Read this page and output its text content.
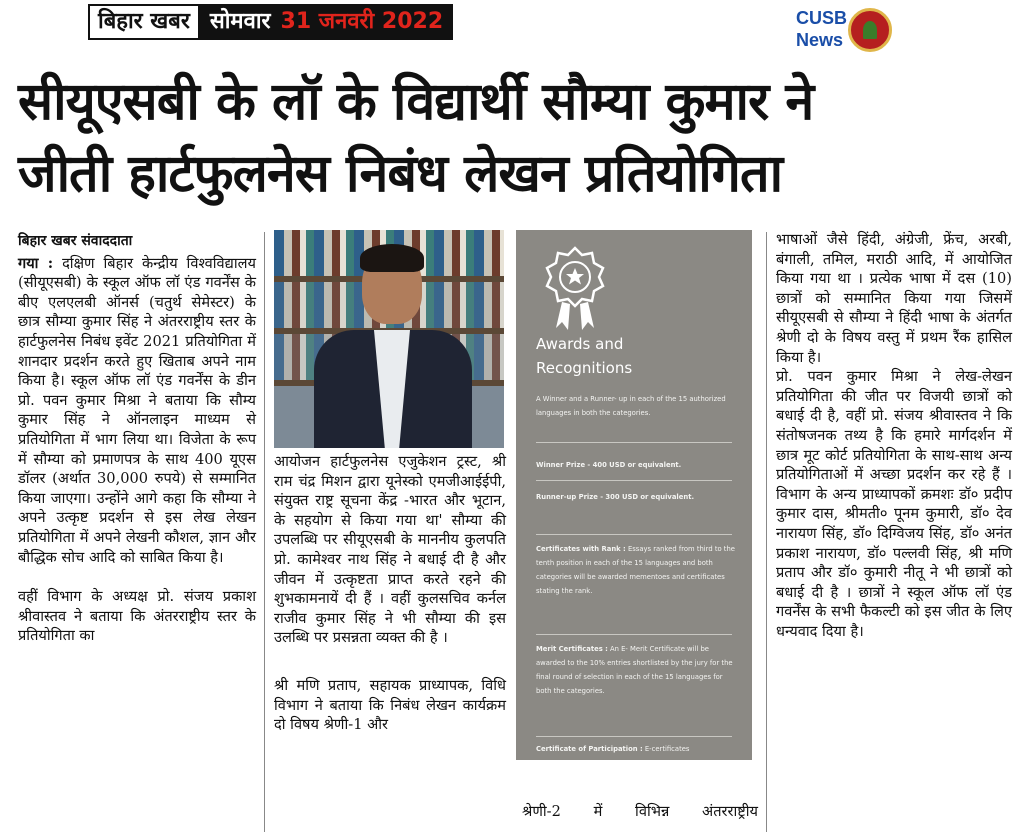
बिहार खबर सोमवार 31 जनवरी 2022	CUSB
News
सीयूएसबी के लॉ के विद्यार्थी सौम्या कुमार ने
जीती हार्टफुलनेस निबंध लेखन प्रतियोगिता
बिहार खबर संवाददाता

गया : दक्षिण बिहार केन्द्रीय विश्वविद्यालय (सीयूएसबी) के स्कूल ऑफ लॉ एंड गवर्नेंस के बीए एलएलबी ऑनर्स (चतुर्थ सेमेस्टर) के छात्र सौम्या कुमार सिंह ने अंतरराष्ट्रीय स्तर के हार्टफुलनेस निबंध इवेंट 2021 प्रतियोगिता में शानदार प्रदर्शन करते हुए खिताब अपने नाम किया है। स्कूल ऑफ लॉ एंड गवर्नेंस के डीन प्रो. पवन कुमार मिश्रा ने बताया कि सौम्य कुमार सिंह ने ऑनलाइन माध्यम से प्रतियोगिता में भाग लिया था। विजेता के रूप में सौम्या को प्रमाणपत्र के साथ 400 यूएस डॉलर (अर्थात 30,000 रुपये) से सम्मानित किया जाएगा। उन्होंने आगे कहा कि सौम्या ने अपने उत्कृष्ट प्रदर्शन से इस लेख लेखन प्रतियोगिता में अपने लेखनी कौशल, ज्ञान और बौद्धिक सोच आदि को साबित किया है।

वहीं विभाग के अध्यक्ष प्रो. संजय प्रकाश श्रीवास्तव ने बताया कि अंतरराष्ट्रीय स्तर के प्रतियोगिता का

आयोजन हार्टफुलनेस एजुकेशन ट्रस्ट, श्री राम चंद्र मिशन द्वारा यूनेस्को एमजीआईईपी, संयुक्त राष्ट्र सूचना केंद्र -भारत और भूटान, के सहयोग से किया गया था' सौम्या की उपलब्धि पर सीयूएसबी के माननीय कुलपति प्रो. कामेश्वर नाथ सिंह ने बधाई दी है और जीवन में उत्कृष्टता प्राप्त करते रहने की शुभकामनायें दी हैं । वहीं कुलसचिव कर्नल राजीव कुमार सिंह ने भी सौम्या की इस उलब्धि पर प्रसन्नता व्यक्त की है ।

श्री मणि प्रताप, सहायक प्राध्यापक, विधि विभाग ने बताया कि निबंध लेखन कार्यक्रम दो विषय श्रेणी-1 और

Awards and
Recognitions
A Winner and a Runner- up in each of the 15 authorized languages in both the categories.
Winner Prize - 400 USD or equivalent.
Runner-up Prize - 300 USD or equivalent.
Certificates with Rank : Essays ranked from third to the tenth position in each of the 15 languages and both categories will be awarded mementoes and certificates stating the rank.
Merit Certificates : An E- Merit Certificate will be awarded to the 10% entries shortlisted by the jury for the final round of selection in each of the 15 languages for both the categories.
Certificate of Participation : E-certificates
श्रेणी-2 में विभिन्न अंतरराष्ट्रीय

भाषाओं जैसे हिंदी, अंग्रेजी, फ्रेंच, अरबी, बंगाली, तमिल, मराठी आदि, में आयोजित किया गया था । प्रत्येक भाषा में दस (10) छात्रों को सम्मानित किया गया जिसमें सीयूएसबी से सौम्या ने हिंदी भाषा के अंतर्गत श्रेणी दो के विषय वस्तु में प्रथम रैंक हासिल किया है।

प्रो. पवन कुमार मिश्रा ने लेख-लेखन प्रतियोगिता की जीत पर विजयी छात्रों को बधाई दी है, वहीं प्रो. संजय श्रीवास्तव ने कि संतोषजनक तथ्य है कि हमारे मार्गदर्शन में छात्र मूट कोर्ट प्रतियोगिता के साथ-साथ अन्य प्रतियोगिताओं में अच्छा प्रदर्शन कर रहे हैं । विभाग के अन्य प्राध्यापकों क्रमशः डॉ० प्रदीप कुमार दास, श्रीमती० पूनम कुमारी, डॉ० देव नारायण सिंह, डॉ० दिग्विजय सिंह, डॉ० अनंत प्रकाश नारायण, डॉ० पल्लवी सिंह, श्री मणि प्रताप और डॉ० कुमारी नीतू ने भी छात्रों को बधाई दी है । छात्रों ने स्कूल ऑफ लॉ एंड गवर्नेंस के सभी फैकल्टी को इस जीत के लिए धन्यवाद दिया है।
